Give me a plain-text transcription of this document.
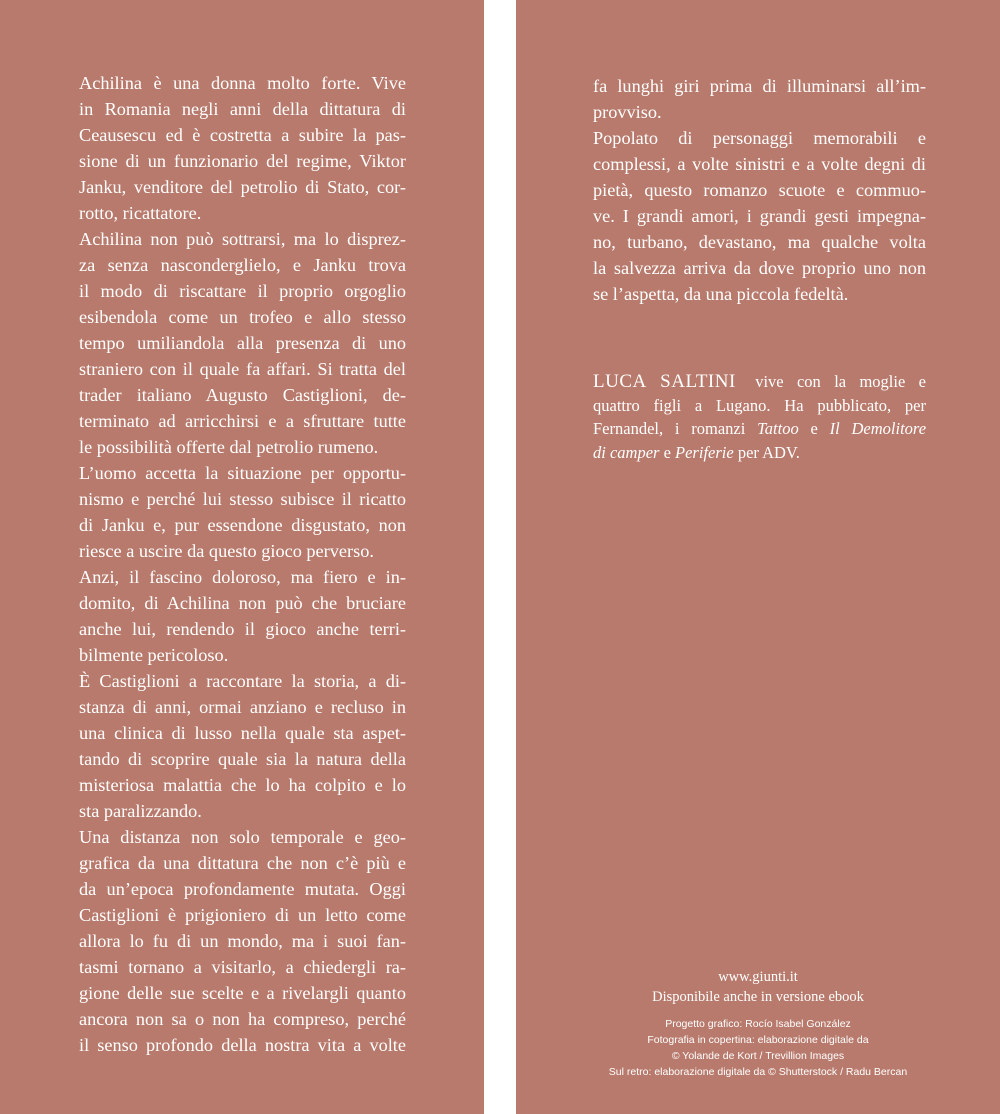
Achilina è una donna molto forte. Vive
in Romania negli anni della dittatura di
Ceausescu ed è costretta a subire la pas-
sione di un funzionario del regime, Viktor
Janku, venditore del petrolio di Stato, cor-
rotto, ricattatore.
Achilina non può sottrarsi, ma lo disprez-
za senza nasconderglielo, e Janku trova
il modo di riscattare il proprio orgoglio
esibendola come un trofeo e allo stesso
tempo umiliandola alla presenza di uno
straniero con il quale fa affari. Si tratta del
trader italiano Augusto Castiglioni, de-
terminato ad arricchirsi e a sfruttare tutte
le possibilità offerte dal petrolio rumeno.
L’uomo accetta la situazione per opportu-
nismo e perché lui stesso subisce il ricatto
di Janku e, pur essendone disgustato, non
riesce a uscire da questo gioco perverso.
Anzi, il fascino doloroso, ma fiero e in-
domito, di Achilina non può che bruciare
anche lui, rendendo il gioco anche terri-
bilmente pericoloso.
È Castiglioni a raccontare la storia, a di-
stanza di anni, ormai anziano e recluso in
una clinica di lusso nella quale sta aspet-
tando di scoprire quale sia la natura della
misteriosa malattia che lo ha colpito e lo
sta paralizzando.
Una distanza non solo temporale e geo-
grafica da una dittatura che non c’è più e
da un’epoca profondamente mutata. Oggi
Castiglioni è prigioniero di un letto come
allora lo fu di un mondo, ma i suoi fan-
tasmi tornano a visitarlo, a chiedergli ra-
gione delle sue scelte e a rivelargli quanto
ancora non sa o non ha compreso, perché
il senso profondo della nostra vita a volte
fa lunghi giri prima di illuminarsi all’im-
provviso.
Popolato di personaggi memorabili e
complessi, a volte sinistri e a volte degni di
pietà, questo romanzo scuote e commuo-
ve. I grandi amori, i grandi gesti impegna-
no, turbano, devastano, ma qualche volta
la salvezza arriva da dove proprio uno non
se l’aspetta, da una piccola fedeltà.
LUCA SALTINI vive con la moglie e
quattro figli a Lugano. Ha pubblicato, per
Fernandel, i romanzi Tattoo e Il Demolitore
di camper e Periferie per ADV.
www.giunti.it
Disponibile anche in versione ebook
Progetto grafico: Rocío Isabel González
Fotografia in copertina: elaborazione digitale da
© Yolande de Kort / Trevillion Images
Sul retro: elaborazione digitale da © Shutterstock / Radu Bercan
